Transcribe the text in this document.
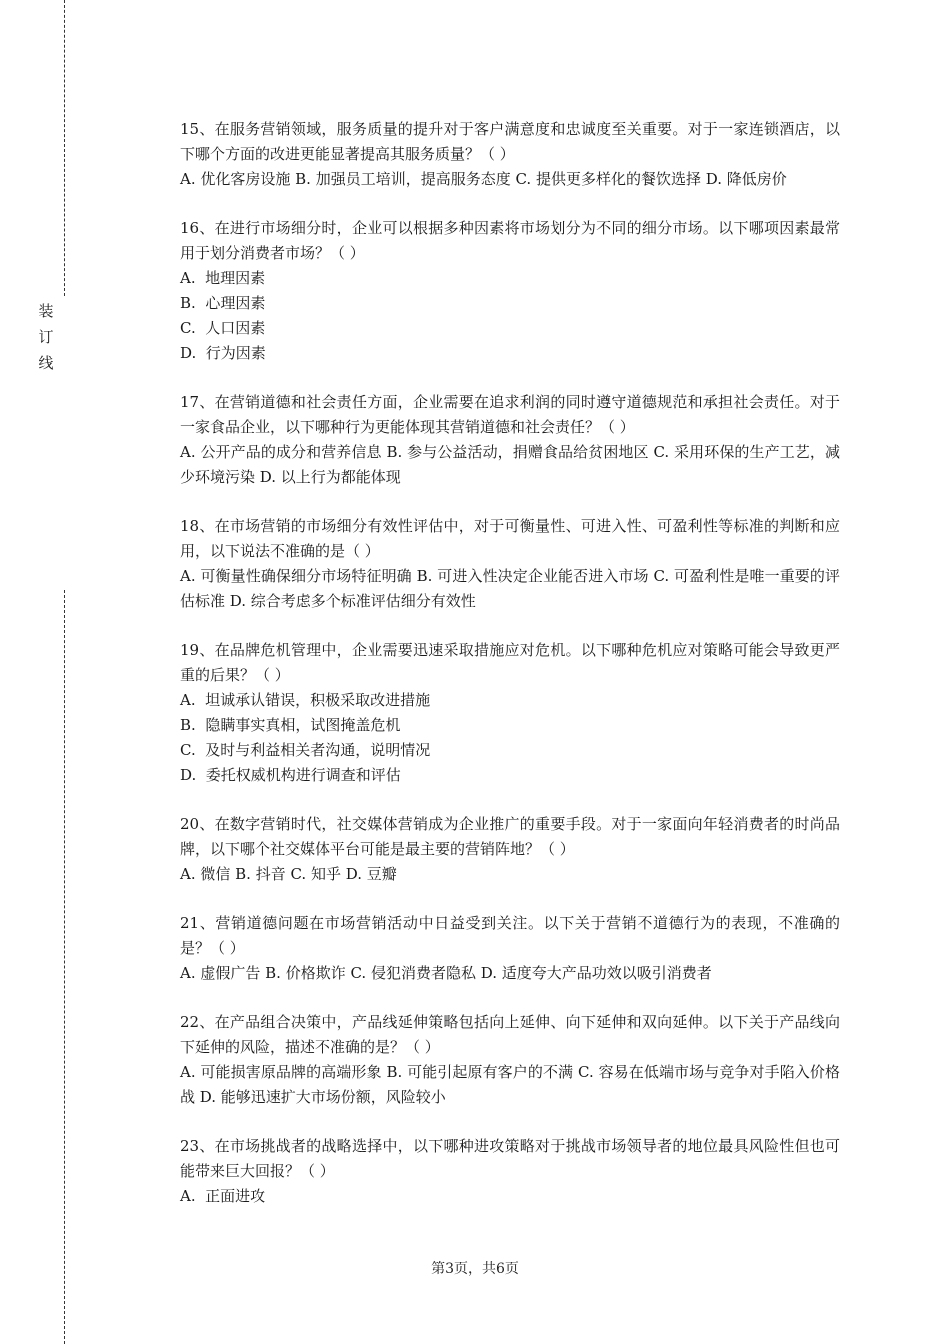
装订线

15、在服务营销领域，服务质量的提升对于客户满意度和忠诚度至关重要。对于一家连锁酒店，以下哪个方面的改进更能显著提高其服务质量？（ ）

A. 优化客房设施 B. 加强员工培训，提高服务态度 C. 提供更多样化的餐饮选择 D. 降低房价

16、在进行市场细分时，企业可以根据多种因素将市场划分为不同的细分市场。以下哪项因素最常用于划分消费者市场？（ ）

A.  地理因素

B.  心理因素

C.  人口因素

D.  行为因素

17、在营销道德和社会责任方面，企业需要在追求利润的同时遵守道德规范和承担社会责任。对于一家食品企业，以下哪种行为更能体现其营销道德和社会责任？（ ）

A. 公开产品的成分和营养信息 B. 参与公益活动，捐赠食品给贫困地区 C. 采用环保的生产工艺，减少环境污染 D. 以上行为都能体现

18、在市场营销的市场细分有效性评估中，对于可衡量性、可进入性、可盈利性等标准的判断和应用，以下说法不准确的是（ ）

A. 可衡量性确保细分市场特征明确 B. 可进入性决定企业能否进入市场 C. 可盈利性是唯一重要的评估标准 D. 综合考虑多个标准评估细分有效性

19、在品牌危机管理中，企业需要迅速采取措施应对危机。以下哪种危机应对策略可能会导致更严重的后果？（ ）

A.  坦诚承认错误，积极采取改进措施

B.  隐瞒事实真相，试图掩盖危机

C.  及时与利益相关者沟通，说明情况

D.  委托权威机构进行调查和评估

20、在数字营销时代，社交媒体营销成为企业推广的重要手段。对于一家面向年轻消费者的时尚品牌，以下哪个社交媒体平台可能是最主要的营销阵地？（ ）

A. 微信 B. 抖音 C. 知乎 D. 豆瓣

21、营销道德问题在市场营销活动中日益受到关注。以下关于营销不道德行为的表现，不准确的是？（ ）

A. 虚假广告 B. 价格欺诈 C. 侵犯消费者隐私 D. 适度夸大产品功效以吸引消费者

22、在产品组合决策中，产品线延伸策略包括向上延伸、向下延伸和双向延伸。以下关于产品线向下延伸的风险，描述不准确的是？（ ）

A. 可能损害原品牌的高端形象 B. 可能引起原有客户的不满 C. 容易在低端市场与竞争对手陷入价格战 D. 能够迅速扩大市场份额，风险较小

23、在市场挑战者的战略选择中，以下哪种进攻策略对于挑战市场领导者的地位最具风险性但也可能带来巨大回报？（ ）

A.  正面进攻

第3页，共6页
